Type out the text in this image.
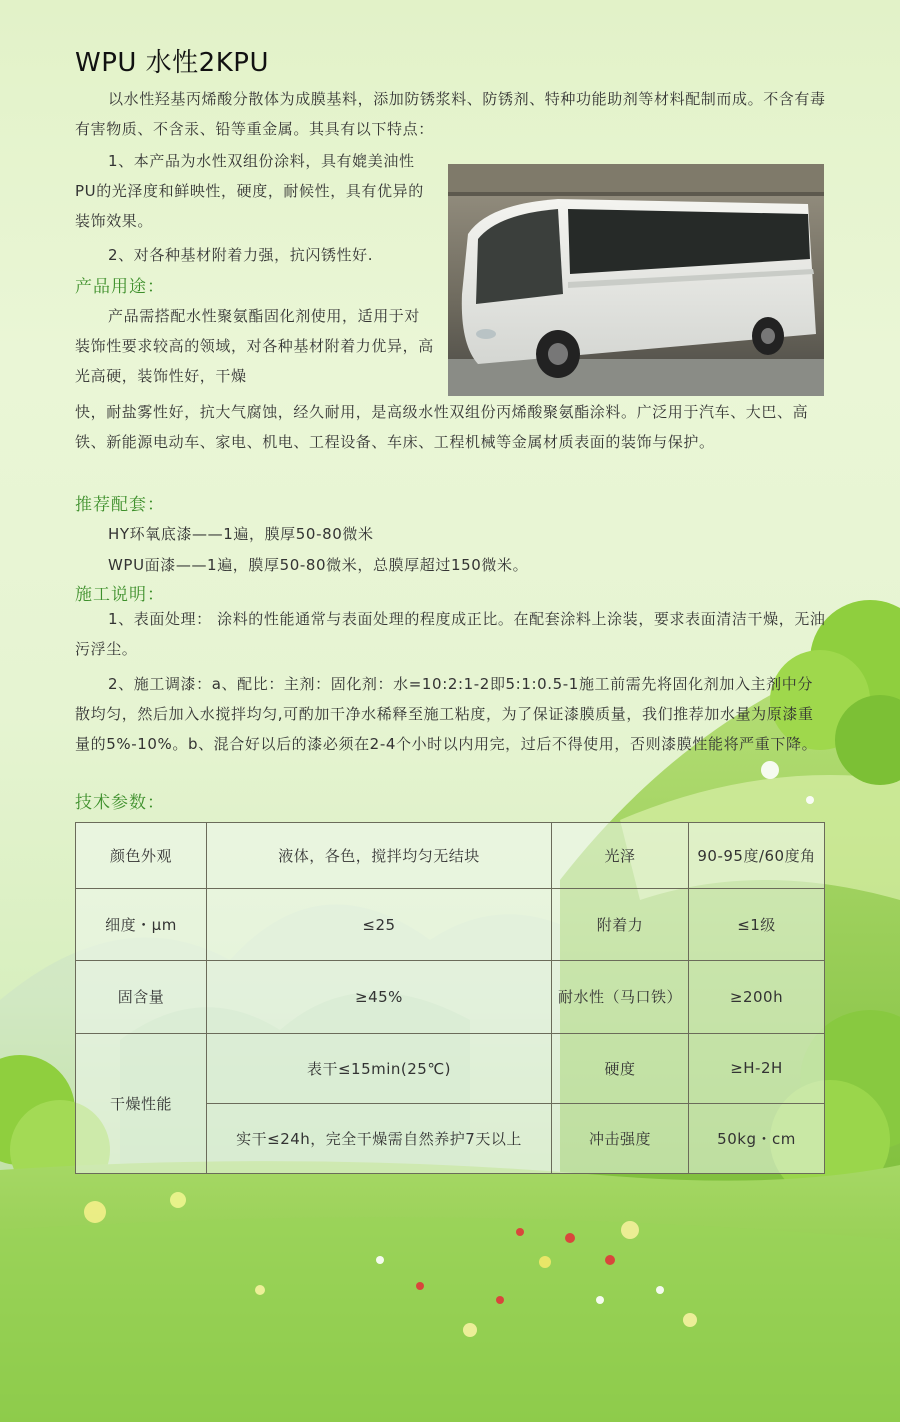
WPU 水性2KPU

以水性羟基丙烯酸分散体为成膜基料，添加防锈浆料、防锈剂、特种功能助剂等材料配制而成。不含有毒有害物质、不含汞、铅等重金属。其具有以下特点：

1、本产品为水性双组份涂料，具有媲美油性PU的光泽度和鲜映性，硬度，耐候性，具有优异的装饰效果。

2、对各种基材附着力强，抗闪锈性好.

产品用途：

产品需搭配水性聚氨酯固化剂使用，适用于对装饰性要求较高的领域，对各种基材附着力优异，高光高硬，装饰性好，干燥

快，耐盐雾性好，抗大气腐蚀，经久耐用，是高级水性双组份丙烯酸聚氨酯涂料。广泛用于汽车、大巴、高铁、新能源电动车、家电、机电、工程设备、车床、工程机械等金属材质表面的装饰与保护。

推荐配套：

HY环氧底漆——1遍，膜厚50-80微米

WPU面漆——1遍，膜厚50-80微米，总膜厚超过150微米。

施工说明：

1、表面处理： 涂料的性能通常与表面处理的程度成正比。在配套涂料上涂装，要求表面清洁干燥，无油污浮尘。

2、施工调漆：a、配比：主剂：固化剂：水=10:2:1-2即5:1:0.5-1施工前需先将固化剂加入主剂中分散均匀，然后加入水搅拌均匀,可酌加干净水稀释至施工粘度，为了保证漆膜质量，我们推荐加水量为原漆重量的5%-10%。b、混合好以后的漆必须在2-4个小时以内用完，过后不得使用，否则漆膜性能将严重下降。

技术参数：
颜色外观	液体，各色，搅拌均匀无结块	光泽	90-95度/60度角
细度・μm	≤25	附着力	≤1级
固含量	≥45%	耐水性（马口铁）	≥200h
干燥性能	表干≤15min(25℃)	硬度	≥H-2H
	实干≤24h，完全干燥需自然养护7天以上	冲击强度	50kg・cm
